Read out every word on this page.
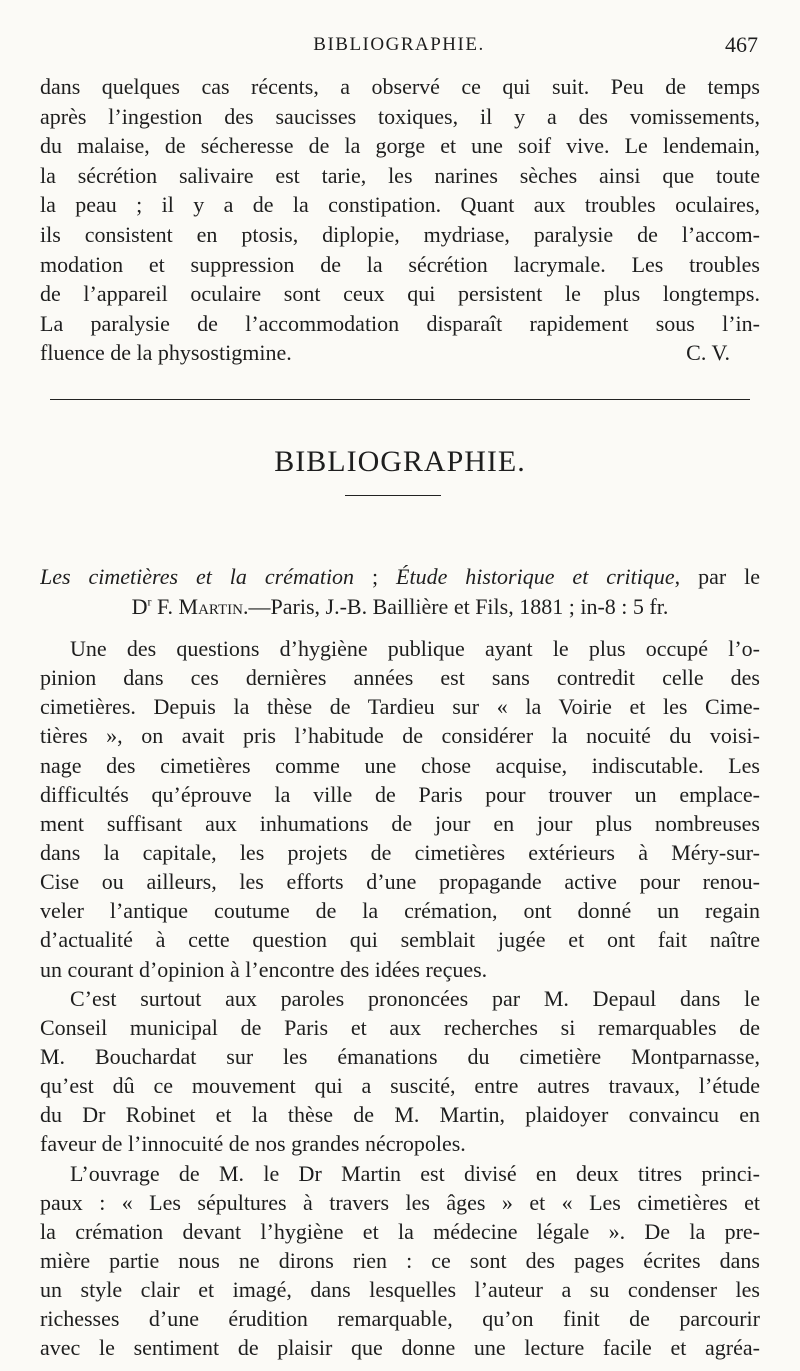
BIBLIOGRAPHIE.	467
dans quelques cas récents, a observé ce qui suit. Peu de temps
après l’ingestion des saucisses toxiques, il y a des vomissements,
du malaise, de sécheresse de la gorge et une soif vive. Le lendemain,
la sécrétion salivaire est tarie, les narines sèches ainsi que toute
la peau ; il y a de la constipation. Quant aux troubles oculaires,
ils consistent en ptosis, diplopie, mydriase, paralysie de l’accom-
modation et suppression de la sécrétion lacrymale. Les troubles
de l’appareil oculaire sont ceux qui persistent le plus longtemps.
La paralysie de l’accommodation disparaît rapidement sous l’in-
fluence de la physostigmine.	C. V.
BIBLIOGRAPHIE.
Les cimetières et la crémation ; Étude historique et critique, par le
$D^r$ F. Martin.—Paris, J.-B. Baillière et Fils, 1881 ; in-8 : 5 fr.
Une des questions d’hygiène publique ayant le plus occupé l’o-
pinion dans ces dernières années est sans contredit celle des
cimetières. Depuis la thèse de Tardieu sur « la Voirie et les Cime-
tières », on avait pris l’habitude de considérer la nocuité du voisi-
nage des cimetières comme une chose acquise, indiscutable. Les
difficultés qu’éprouve la ville de Paris pour trouver un emplace-
ment suffisant aux inhumations de jour en jour plus nombreuses
dans la capitale, les projets de cimetières extérieurs à Méry-sur-
Cise ou ailleurs, les efforts d’une propagande active pour renou-
veler l’antique coutume de la crémation, ont donné un regain
d’actualité à cette question qui semblait jugée et ont fait naître
un courant d’opinion à l’encontre des idées reçues.
C’est surtout aux paroles prononcées par M. Depaul dans le
Conseil municipal de Paris et aux recherches si remarquables de
M. Bouchardat sur les émanations du cimetière Montparnasse,
qu’est dû ce mouvement qui a suscité, entre autres travaux, l’étude
du Dr Robinet et la thèse de M. Martin, plaidoyer convaincu en
faveur de l’innocuité de nos grandes nécropoles.
L’ouvrage de M. le Dr Martin est divisé en deux titres princi-
paux : « Les sépultures à travers les âges » et « Les cimetières et
la crémation devant l’hygiène et la médecine légale ». De la pre-
mière partie nous ne dirons rien : ce sont des pages écrites dans
un style clair et imagé, dans lesquelles l’auteur a su condenser les
richesses d’une érudition remarquable, qu’on finit de parcourir
avec le sentiment de plaisir que donne une lecture facile et agréa-
